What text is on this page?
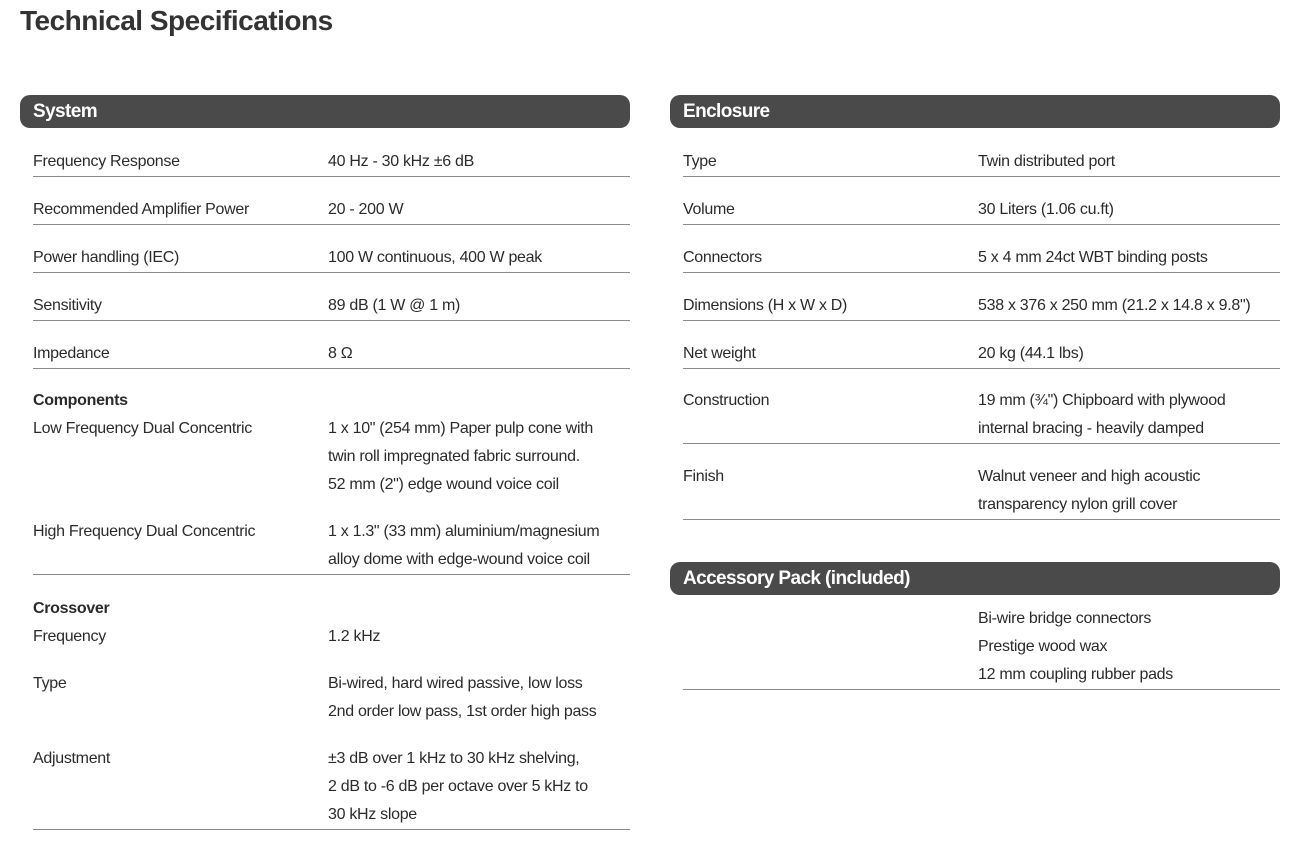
Technical Specifications
System
Frequency Response	40 Hz - 30 kHz ±6 dB
Recommended Amplifier Power	20 - 200 W
Power handling (IEC)	100 W continuous, 400 W peak
Sensitivity	89 dB (1 W @ 1 m)
Impedance	8 Ω
Components
Low Frequency Dual Concentric	1 x 10" (254 mm) Paper pulp cone with
twin roll impregnated fabric surround.
52 mm (2") edge wound voice coil
High Frequency Dual Concentric	1 x 1.3" (33 mm) aluminium/magnesium
alloy dome with edge-wound voice coil
Crossover
Frequency	1.2 kHz
Type	Bi-wired, hard wired passive, low loss
2nd order low pass, 1st order high pass
Adjustment	±3 dB over 1 kHz to 30 kHz shelving,
2 dB to -6 dB per octave over 5 kHz to
30 kHz slope
Enclosure
Type	Twin distributed port
Volume	30 Liters (1.06 cu.ft)
Connectors	5 x 4 mm 24ct WBT binding posts
Dimensions (H x W x D)	538 x 376 x 250 mm (21.2 x 14.8 x 9.8")
Net weight	20 kg (44.1 lbs)
Construction	19 mm (¾") Chipboard with plywood
internal bracing - heavily damped
Finish	Walnut veneer and high acoustic
transparency nylon grill cover
Accessory Pack (included)
Bi-wire bridge connectors
Prestige wood wax
12 mm coupling rubber pads
